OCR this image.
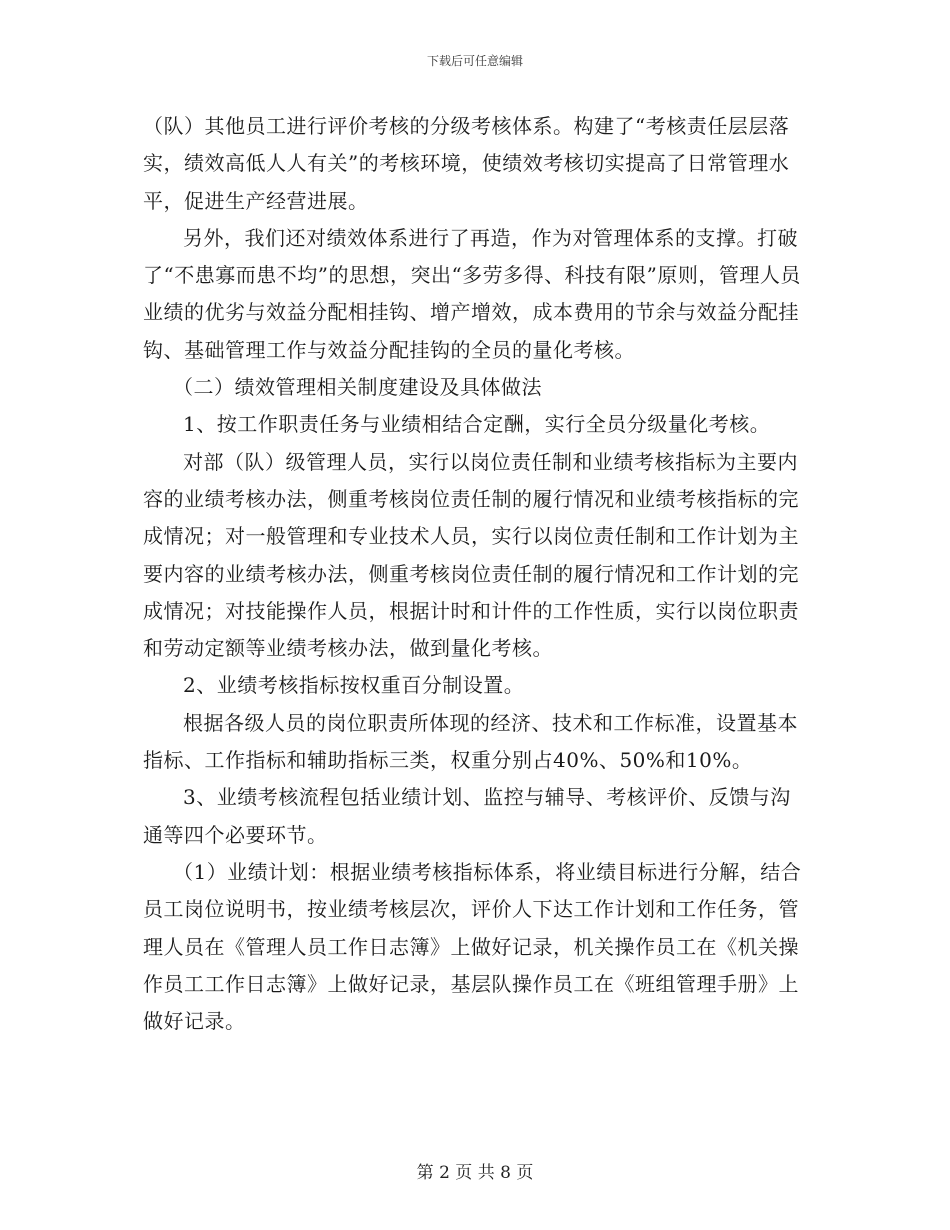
下载后可任意编辑

（队）其他员工进行评价考核的分级考核体系。构建了“考核责任层层落实，绩效高低人人有关”的考核环境，使绩效考核切实提高了日常管理水平，促进生产经营进展。

另外，我们还对绩效体系进行了再造，作为对管理体系的支撑。打破了“不患寡而患不均”的思想，突出“多劳多得、科技有限”原则，管理人员业绩的优劣与效益分配相挂钩、增产增效，成本费用的节余与效益分配挂钩、基础管理工作与效益分配挂钩的全员的量化考核。

（二）绩效管理相关制度建设及具体做法

1、按工作职责任务与业绩相结合定酬，实行全员分级量化考核。

对部（队）级管理人员，实行以岗位责任制和业绩考核指标为主要内容的业绩考核办法，侧重考核岗位责任制的履行情况和业绩考核指标的完成情况；对一般管理和专业技术人员，实行以岗位责任制和工作计划为主要内容的业绩考核办法，侧重考核岗位责任制的履行情况和工作计划的完成情况；对技能操作人员，根据计时和计件的工作性质，实行以岗位职责和劳动定额等业绩考核办法，做到量化考核。

2、业绩考核指标按权重百分制设置。

根据各级人员的岗位职责所体现的经济、技术和工作标准，设置基本指标、工作指标和辅助指标三类，权重分别占40%、50%和10%。

3、业绩考核流程包括业绩计划、监控与辅导、考核评价、反馈与沟通等四个必要环节。

（1）业绩计划：根据业绩考核指标体系，将业绩目标进行分解，结合员工岗位说明书，按业绩考核层次，评价人下达工作计划和工作任务，管理人员在《管理人员工作日志簿》上做好记录，机关操作员工在《机关操作员工工作日志簿》上做好记录，基层队操作员工在《班组管理手册》上做好记录。

第 2 页 共 8 页
